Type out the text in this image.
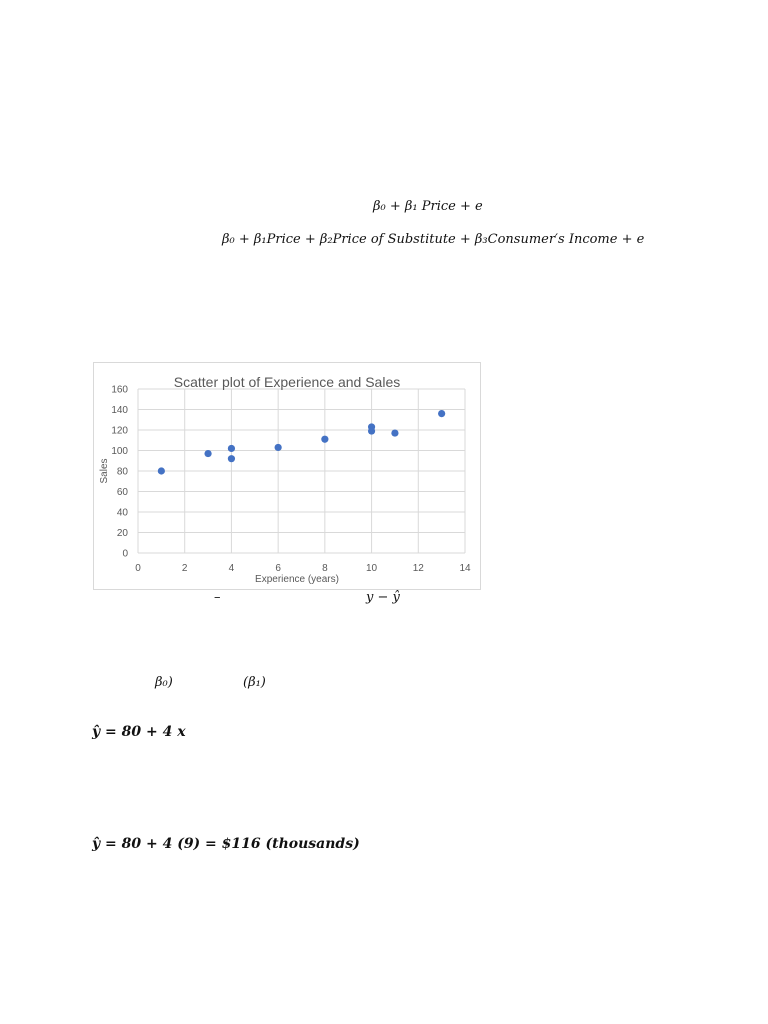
β₀ + β₁ Price + e
β₀ + β₁Price + β₂Price of Substitute + β₃Consumer′s Income + e
0
20
40
60
80
100
120
140
160
0	2	4	6	8	10	12	14
Scatter plot of Experience and Sales
Experience (years)
Sales
–	y − ŷ
β₀)	(β₁)
ŷ = 80 + 4 x
ŷ = 80 + 4 (9) = $116 (thousands)
